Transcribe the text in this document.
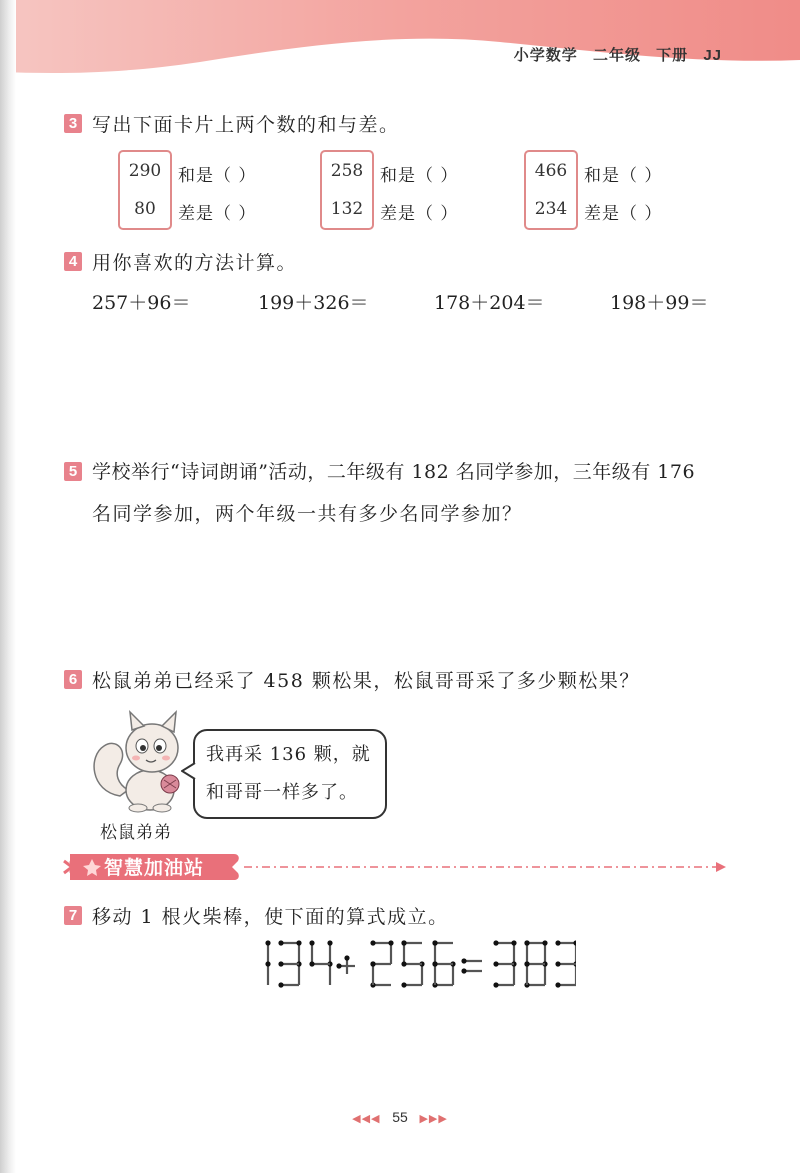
小学数学 二年级 下册 JJ
3 写出下面卡片上两个数的和与差。
290
80
和是（ ）
差是（ ）
258
132
和是（ ）
差是（ ）
466
234
和是（ ）
差是（ ）
4 用你喜欢的方法计算。
257＋96＝	199＋326＝	178＋204＝	198＋99＝
5 学校举行“诗词朗诵”活动，二年级有 182 名同学参加，三年级有 176
名同学参加，两个年级一共有多少名同学参加？
6 松鼠弟弟已经采了 458 颗松果，松鼠哥哥采了多少颗松果？
我再采 136 颗，就
和哥哥一样多了。
松鼠弟弟
智慧加油站
7 移动 1 根火柴棒，使下面的算式成立。
◀◀◀ 55 ▶▶▶
